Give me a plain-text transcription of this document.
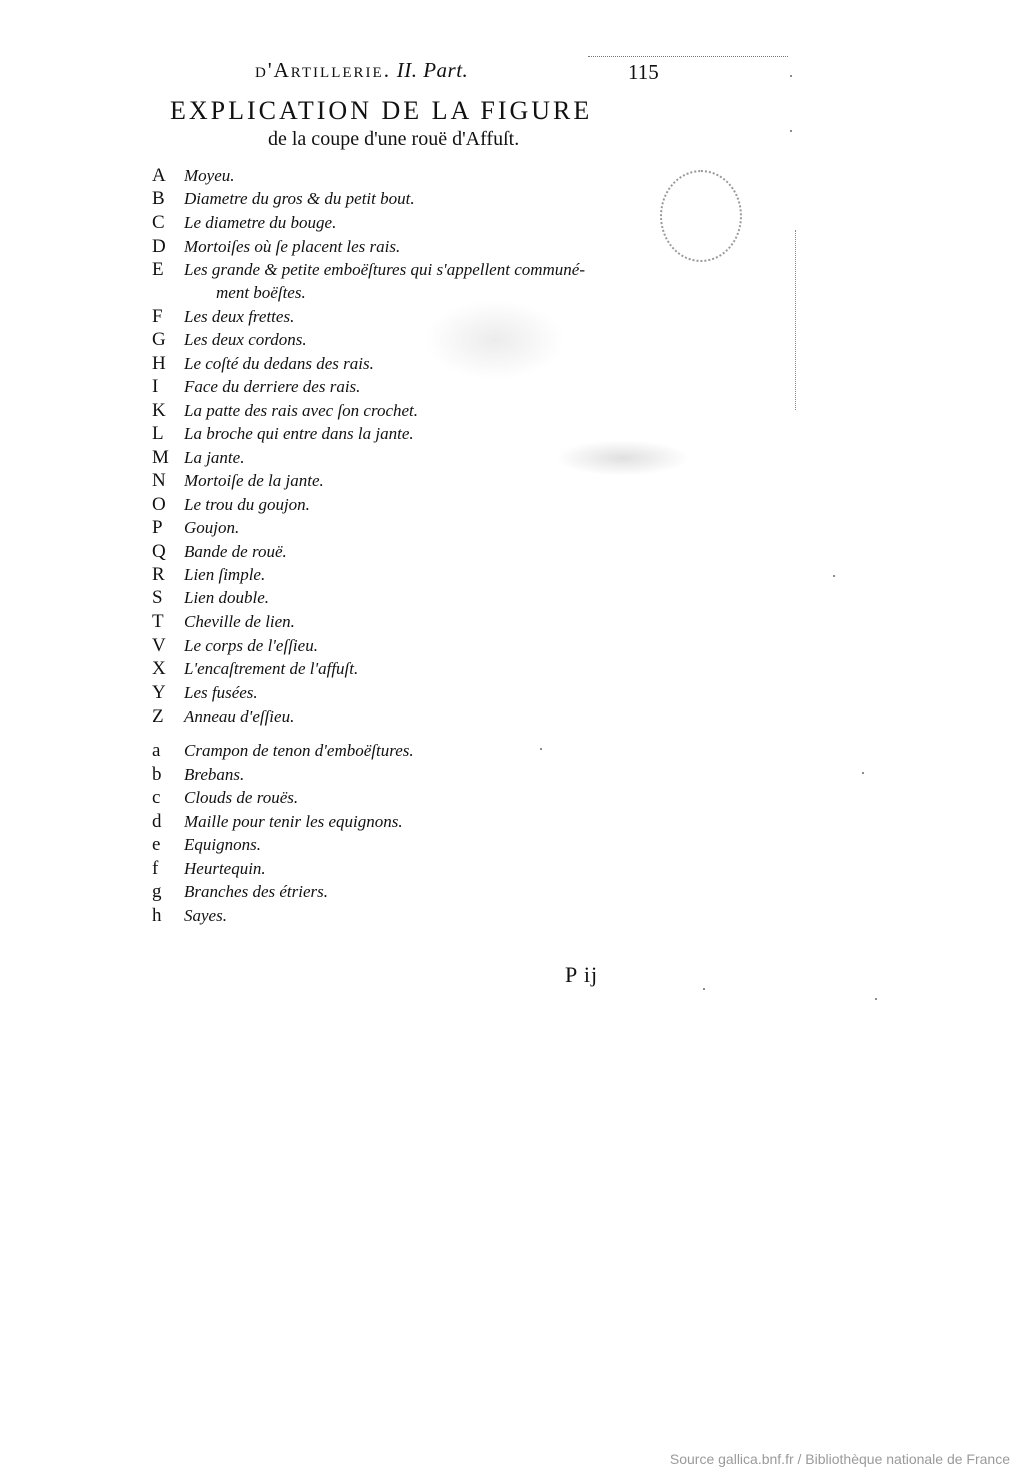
d'Artillerie. II. Part.	115
EXPLICATION DE LA FIGURE
de la coupe d'une rouë d'Affuſt.
A Moyeu.
B Diametre du gros & du petit bout.
C Le diametre du bouge.
D Mortoiſes où ſe placent les rais.
E Les grande & petite emboëſtures qui s'appellent communé-
ment boëſtes.
F Les deux frettes.
G Les deux cordons.
H Le coſté du dedans des rais.
I Face du derriere des rais.
K La patte des rais avec ſon crochet.
L La broche qui entre dans la jante.
M La jante.
N Mortoiſe de la jante.
O Le trou du goujon.
P Goujon.
Q Bande de rouë.
R Lien ſimple.
S Lien double.
T Cheville de lien.
V Le corps de l'eſſieu.
X L'encaſtrement de l'affuſt.
Y Les fusées.
Z Anneau d'eſſieu.
a Crampon de tenon d'emboëſtures.
b Brebans.
c Clouds de rouës.
d Maille pour tenir les equignons.
e Equignons.
f Heurtequin.
g Branches des étriers.
h Sayes.
P ij
Source gallica.bnf.fr / Bibliothèque nationale de France
